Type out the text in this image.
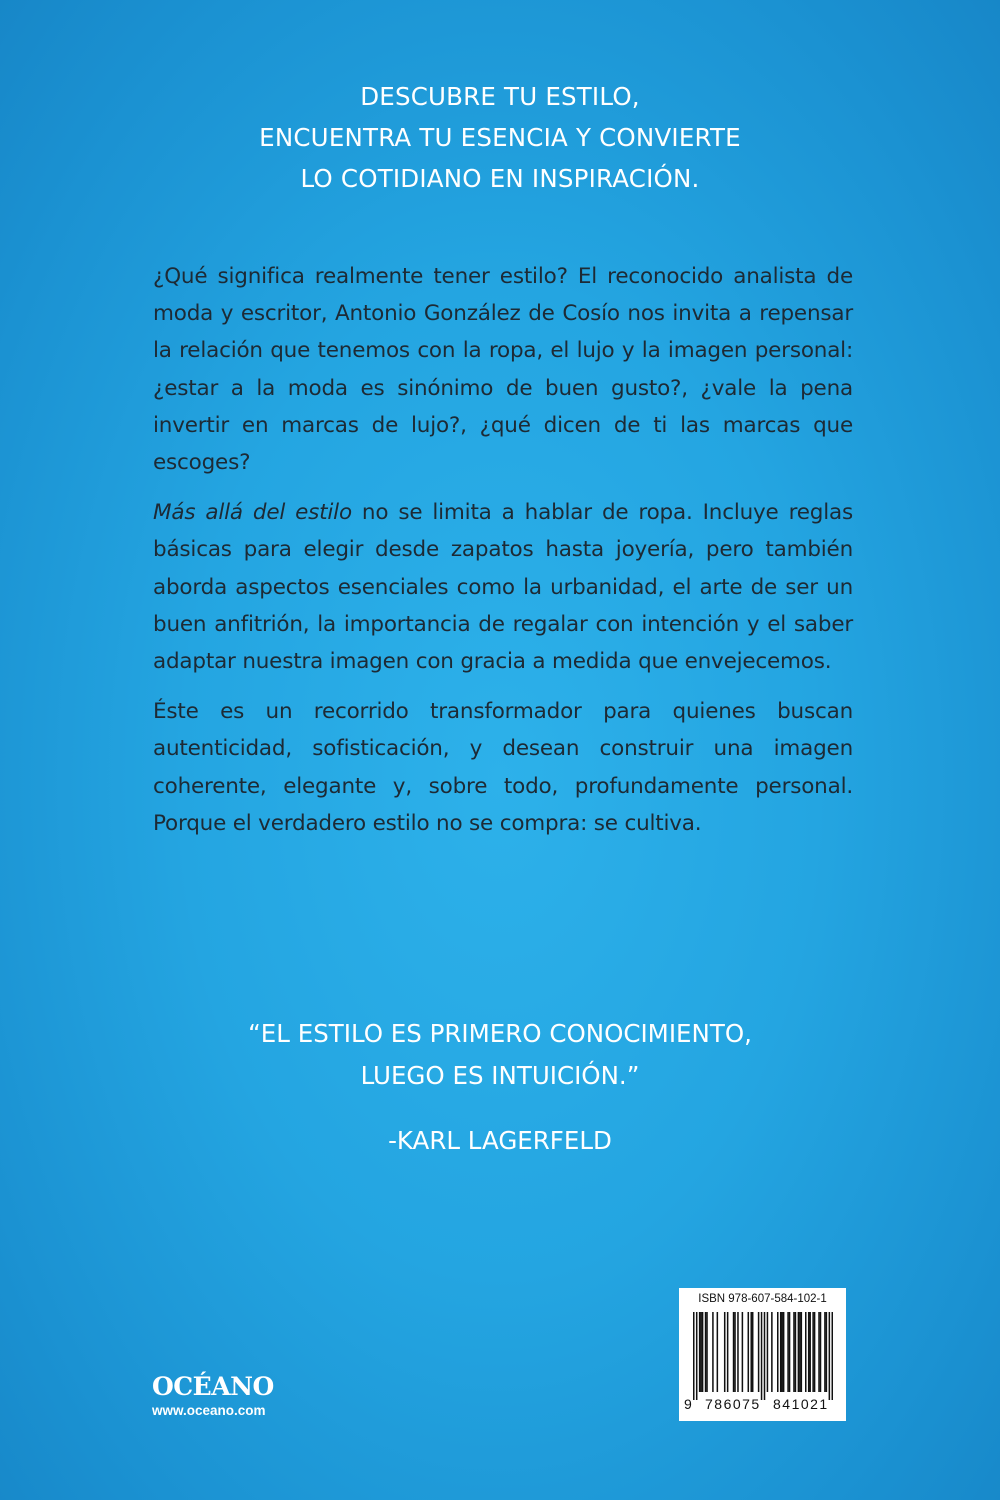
DESCUBRE TU ESTILO,
ENCUENTRA TU ESENCIA Y CONVIERTE
LO COTIDIANO EN INSPIRACIÓN.

¿Qué significa realmente tener estilo? El reconocido analista de moda y escritor, Antonio González de Cosío nos invita a repensar la relación que tenemos con la ropa, el lujo y la imagen personal: ¿estar a la moda es sinónimo de buen gusto?, ¿vale la pena invertir en marcas de lujo?, ¿qué dicen de ti las marcas que escoges?

Más allá del estilo no se limita a hablar de ropa. Incluye reglas básicas para elegir desde zapatos hasta joyería, pero también aborda aspectos esenciales como la urbanidad, el arte de ser un buen anfitrión, la importancia de regalar con intención y el saber adaptar nuestra imagen con gracia a medida que envejecemos.

Éste es un recorrido transformador para quienes buscan autenticidad, sofisticación, y desean construir una imagen coherente, elegante y, sobre todo, profundamente personal. Porque el verdadero estilo no se compra: se cultiva.

“EL ESTILO ES PRIMERO CONOCIMIENTO,
LUEGO ES INTUICIÓN.”
-KARL LAGERFELD
OCÉANO
www.oceano.com
ISBN 978-607-584-102-1
9 786075 841021
